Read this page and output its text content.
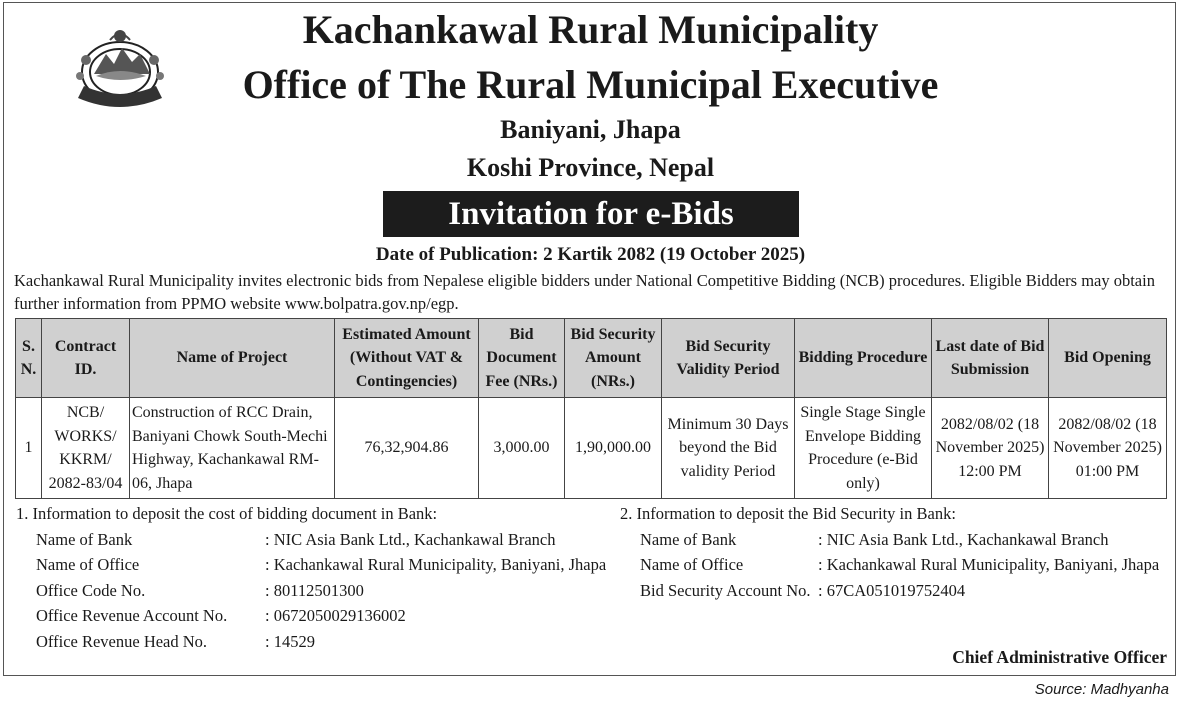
Kachankawal Rural Municipality
Office of The Rural Municipal Executive
Baniyani, Jhapa
Koshi Province, Nepal
Invitation for e-Bids
Date of Publication: 2 Kartik 2082 (19 October 2025)
Kachankawal Rural Municipality invites electronic bids from Nepalese eligible bidders under National Competitive Bidding (NCB) procedures. Eligible Bidders may obtain further information from PPMO website www.bolpatra.gov.np/egp.
S. N.	Contract ID.	Name of Project	Estimated Amount (Without VAT & Contingencies)	Bid Document Fee (NRs.)	Bid Security Amount (NRs.)	Bid Security Validity Period	Bidding Procedure	Last date of Bid Submission	Bid Opening
1	NCB/ WORKS/ KKRM/ 2082-83/04	Construction of RCC Drain, Baniyani Chowk South-Mechi Highway, Kachankawal RM-06, Jhapa	76,32,904.86	3,000.00	1,90,000.00	Minimum 30 Days beyond the Bid validity Period	Single Stage Single Envelope Bidding Procedure (e-Bid only)	2082/08/02 (18 November 2025) 12:00 PM	2082/08/02 (18 November 2025) 01:00 PM
1. Information to deposit the cost of bidding document in Bank:
Name of Bank	: NIC Asia Bank Ltd., Kachankawal Branch
Name of Office	: Kachankawal Rural Municipality, Baniyani, Jhapa
Office Code No.	: 80112501300
Office Revenue Account No. : 0672050029136002
Office Revenue Head No.	: 14529
2. Information to deposit the Bid Security in Bank:
Name of Bank	: NIC Asia Bank Ltd., Kachankawal Branch
Name of Office	: Kachankawal Rural Municipality, Baniyani, Jhapa
Bid Security Account No. : 67CA051019752404
Chief Administrative Officer
Source: Madhyanha
